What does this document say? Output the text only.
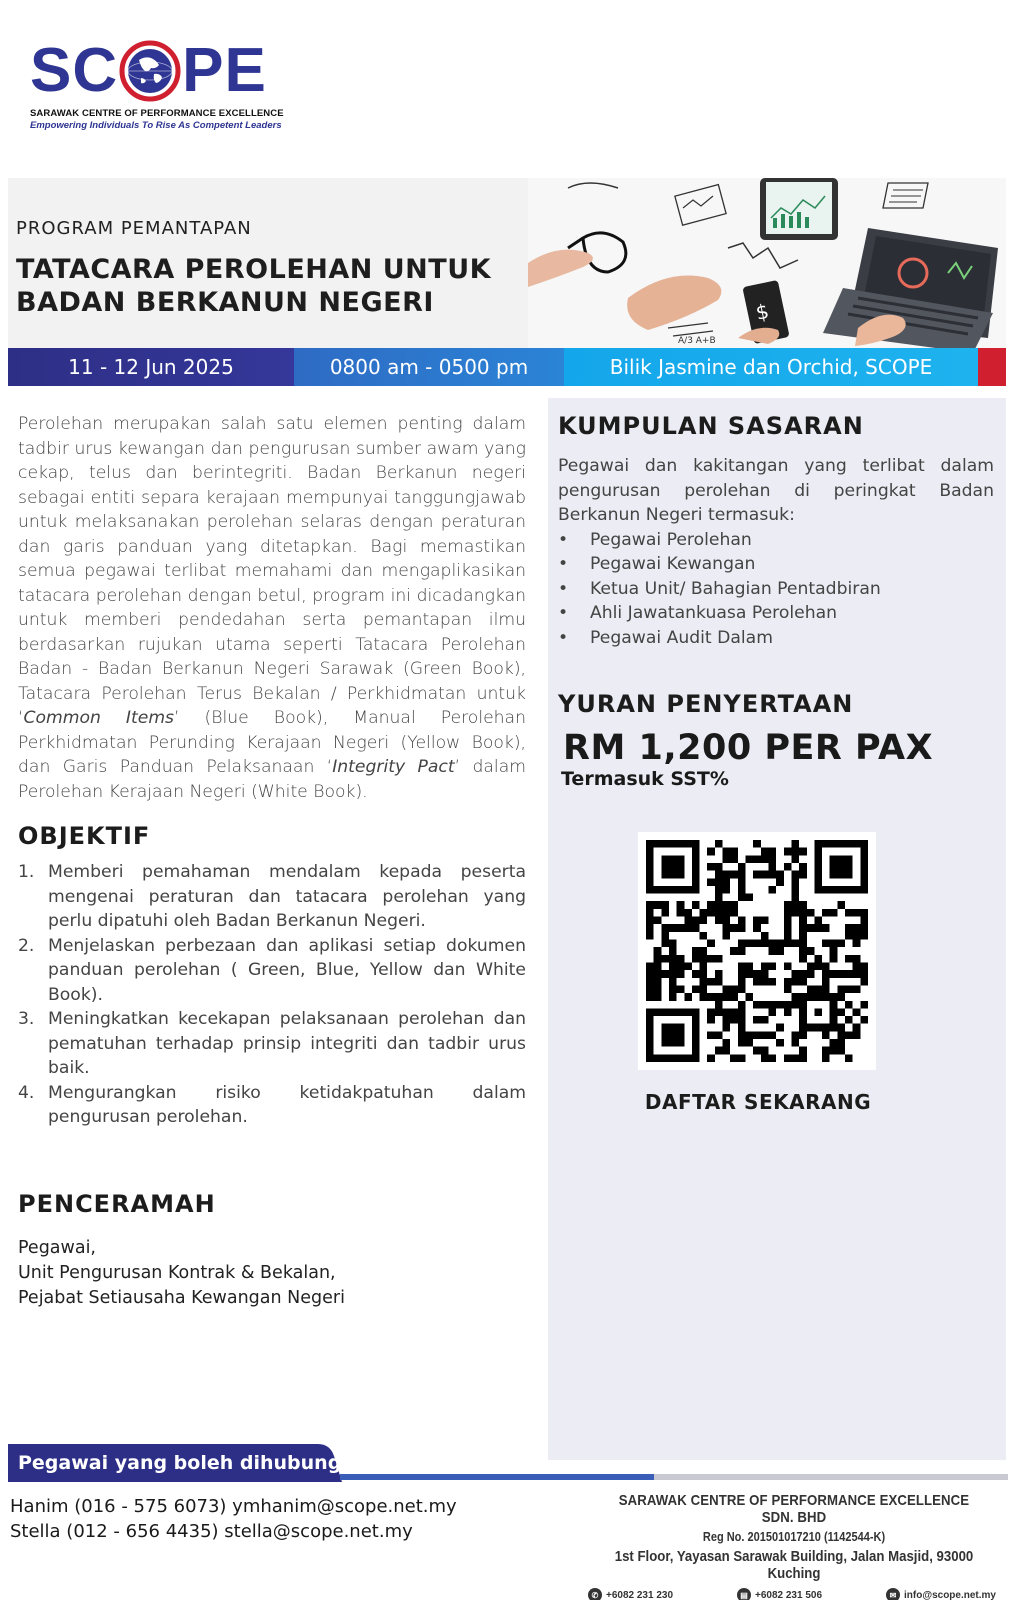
SC PE
SARAWAK CENTRE OF PERFORMANCE EXCELLENCE
Empowering Individuals To Rise As Competent Leaders
PROGRAM PEMANTAPAN
TATACARA PEROLEHAN UNTUK
BADAN BERKANUN NEGERI	$
A/3 A+B
11 - 12 Jun 2025	0800 am - 0500 pm	Bilik Jasmine dan Orchid, SCOPE

Perolehan merupakan salah satu elemen penting dalam tadbir urus kewangan dan pengurusan sumber awam yang cekap, telus dan berintegriti. Badan Berkanun negeri sebagai entiti separa kerajaan mempunyai tanggungjawab untuk melaksanakan perolehan selaras dengan peraturan dan garis panduan yang ditetapkan. Bagi memastikan semua pegawai terlibat memahami dan mengaplikasikan tatacara perolehan dengan betul, program ini dicadangkan untuk memberi pendedahan serta pemantapan ilmu berdasarkan rujukan utama seperti Tatacara Perolehan Badan - Badan Berkanun Negeri Sarawak (Green Book), Tatacara Perolehan Terus Bekalan / Perkhidmatan untuk ‘Common Items’ (Blue Book), Manual Perolehan Perkhidmatan Perunding Kerajaan Negeri (Yellow Book), dan Garis Panduan Pelaksanaan ‘Integrity Pact’ dalam Perolehan Kerajaan Negeri (White Book).

OBJEKTIF
1. Memberi pemahaman mendalam kepada peserta mengenai peraturan dan tatacara perolehan yang perlu dipatuhi oleh Badan Berkanun Negeri.
2. Menjelaskan perbezaan dan aplikasi setiap dokumen panduan perolehan ( Green, Blue, Yellow dan White Book).
3. Meningkatkan kecekapan pelaksanaan perolehan dan pematuhan terhadap prinsip integriti dan tadbir urus baik.
4. Mengurangkan risiko ketidakpatuhan dalam pengurusan perolehan.
PENCERAMAH
Pegawai,
Unit Pengurusan Kontrak & Bekalan,
Pejabat Setiausaha Kewangan Negeri
KUMPULAN SASARAN

Pegawai dan kakitangan yang terlibat dalam pengurusan perolehan di peringkat Badan Berkanun Negeri termasuk:

•	Pegawai Perolehan
•	Pegawai Kewangan
•	Ketua Unit/ Bahagian Pentadbiran
•	Ahli Jawatankuasa Perolehan
•	Pegawai Audit Dalam
YURAN PENYERTAAN
RM 1,200 PER PAX
Termasuk SST%
DAFTAR SEKARANG
Pegawai yang boleh dihubungi
Hanim (016 - 575 6073) ymhanim@scope.net.my
Stella (012 - 656 4435) stella@scope.net.my
SARAWAK CENTRE OF PERFORMANCE EXCELLENCE SDN. BHD
Reg No. 201501017210 (1142544-K)
1st Floor, Yayasan Sarawak Building, Jalan Masjid, 93000 Kuching
✆ +6082 231 230	▤ +6082 231 506	✉ info@scope.net.my
